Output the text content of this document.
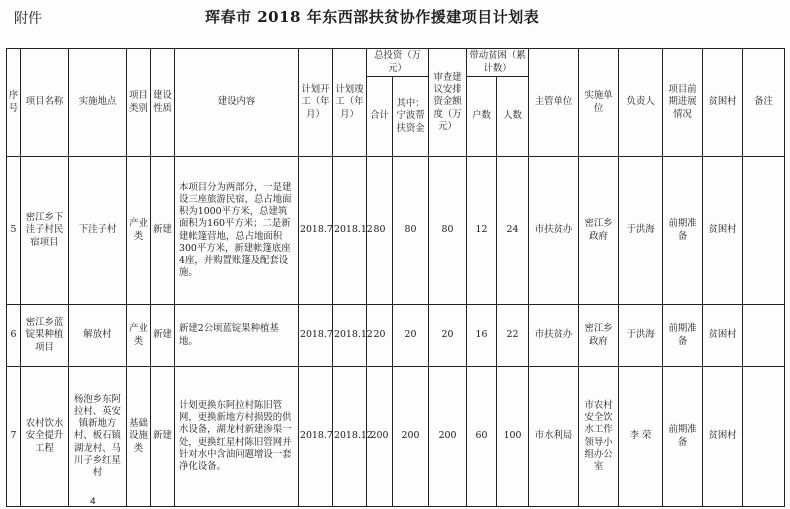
附件	珲春市 2018 年东西部扶贫协作援建项目计划表
序号	项目名称	实施地点	项目类别	建设性质	建设内容	计划开工（年月）	计划竣工（年月）	总投资（万元）		审查建议安排资金额度（万元）	带动贫困（累计数）		主管单位	实施单位	负责人	项目前期进展情况	贫困村	备注
								合计	其中：宁波帮扶资金		户数	人数						
5	密江乡下洼子村民宿项目	下洼子村	产业类	新建	本项目分为两部分，一是建设三座旅游民宿，总占地面积为1000平方米，总建筑面积为160平方米；二是新建帐篷营地，总占地面积300平方米，新建帐篷底座4座，并购置账篷及配套设施。	2018.7	2018.12	80	80	80	12	24	市扶贫办	密江乡政府	于洪海	前期准备	贫困村	
6	密江乡蓝锭果种植项目	解放村	产业类	新建	新建2公顷蓝锭果种植基地。	2018.7	2018.12	20	20	20	16	22	市扶贫办	密江乡政府	于洪海	前期准备	贫困村	
7	农村饮水安全提升工程	杨泡乡东阿拉村、英安镇新地方村、板石镇湖龙村、马川子乡红星村	基础设施类	新建	计划更换东阿拉村陈旧管网，更换新地方村损毁的供水设备，湖龙村新建渗渠一处，更换红星村陈旧管网并针对水中含油问题增设一套净化设备。	2018.7	2018.12	200	200	200	60	100	市水利局	市农村安全饮水工作领导小组办公室	李 荣	前期准备	贫困村	
4
